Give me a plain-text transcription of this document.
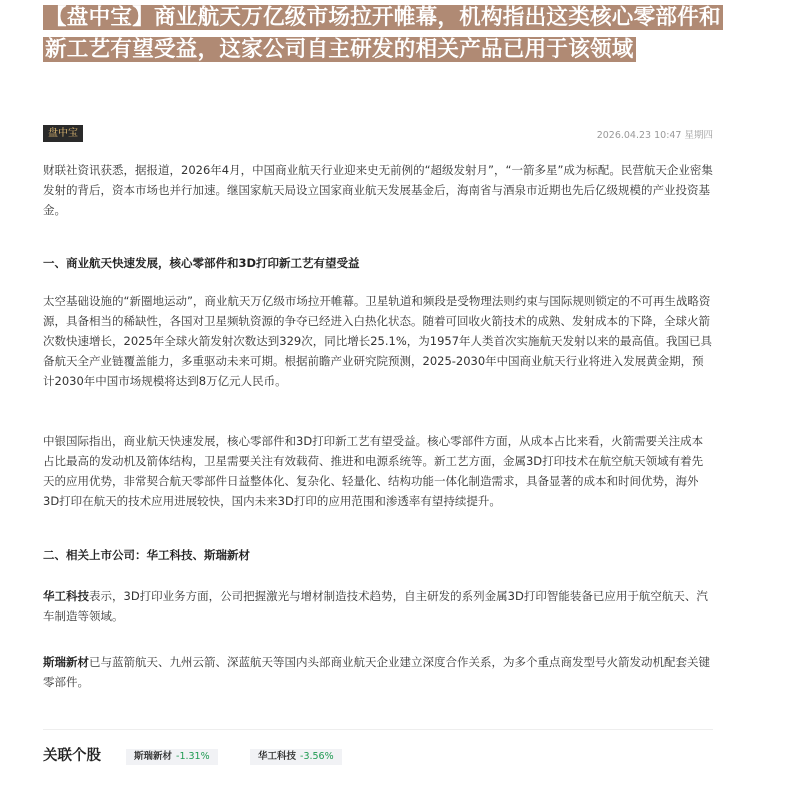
【盘中宝】商业航天万亿级市场拉开帷幕，机构指出这类核心零部件和新工艺有望受益，这家公司自主研发的相关产品已用于该领域
盘中宝	2026.04.23 10:47 星期四

财联社资讯获悉，据报道，2026年4月，中国商业航天行业迎来史无前例的“超级发射月”，“一箭多星”成为标配。民营航天企业密集发射的背后，资本市场也并行加速。继国家航天局设立国家商业航天发展基金后，海南省与酒泉市近期也先后亿级规模的产业投资基金。

一、商业航天快速发展，核心零部件和3D打印新工艺有望受益

太空基础设施的“新圈地运动”，商业航天万亿级市场拉开帷幕。卫星轨道和频段是受物理法则约束与国际规则锁定的不可再生战略资源，具备相当的稀缺性，各国对卫星频轨资源的争夺已经进入白热化状态。随着可回收火箭技术的成熟、发射成本的下降，全球火箭次数快速增长，2025年全球火箭发射次数达到329次，同比增长25.1%，为1957年人类首次实施航天发射以来的最高值。我国已具备航天全产业链覆盖能力，多重驱动未来可期。根据前瞻产业研究院预测，2025-2030年中国商业航天行业将进入发展黄金期，预计2030年中国市场规模将达到8万亿元人民币。

中银国际指出，商业航天快速发展，核心零部件和3D打印新工艺有望受益。核心零部件方面，从成本占比来看，火箭需要关注成本占比最高的发动机及箭体结构，卫星需要关注有效载荷、推进和电源系统等。新工艺方面，金属3D打印技术在航空航天领域有着先天的应用优势，非常契合航天零部件日益整体化、复杂化、轻量化、结构功能一体化制造需求，具备显著的成本和时间优势，海外3D打印在航天的技术应用进展较快，国内未来3D打印的应用范围和渗透率有望持续提升。

二、相关上市公司：华工科技、斯瑞新材

华工科技表示，3D打印业务方面，公司把握激光与增材制造技术趋势，自主研发的系列金属3D打印智能装备已应用于航空航天、汽车制造等领域。

斯瑞新材已与蓝箭航天、九州云箭、深蓝航天等国内头部商业航天企业建立深度合作关系，为多个重点商发型号火箭发动机配套关键零部件。

关联个股	斯瑞新材 -1.31%	华工科技 -3.56%
